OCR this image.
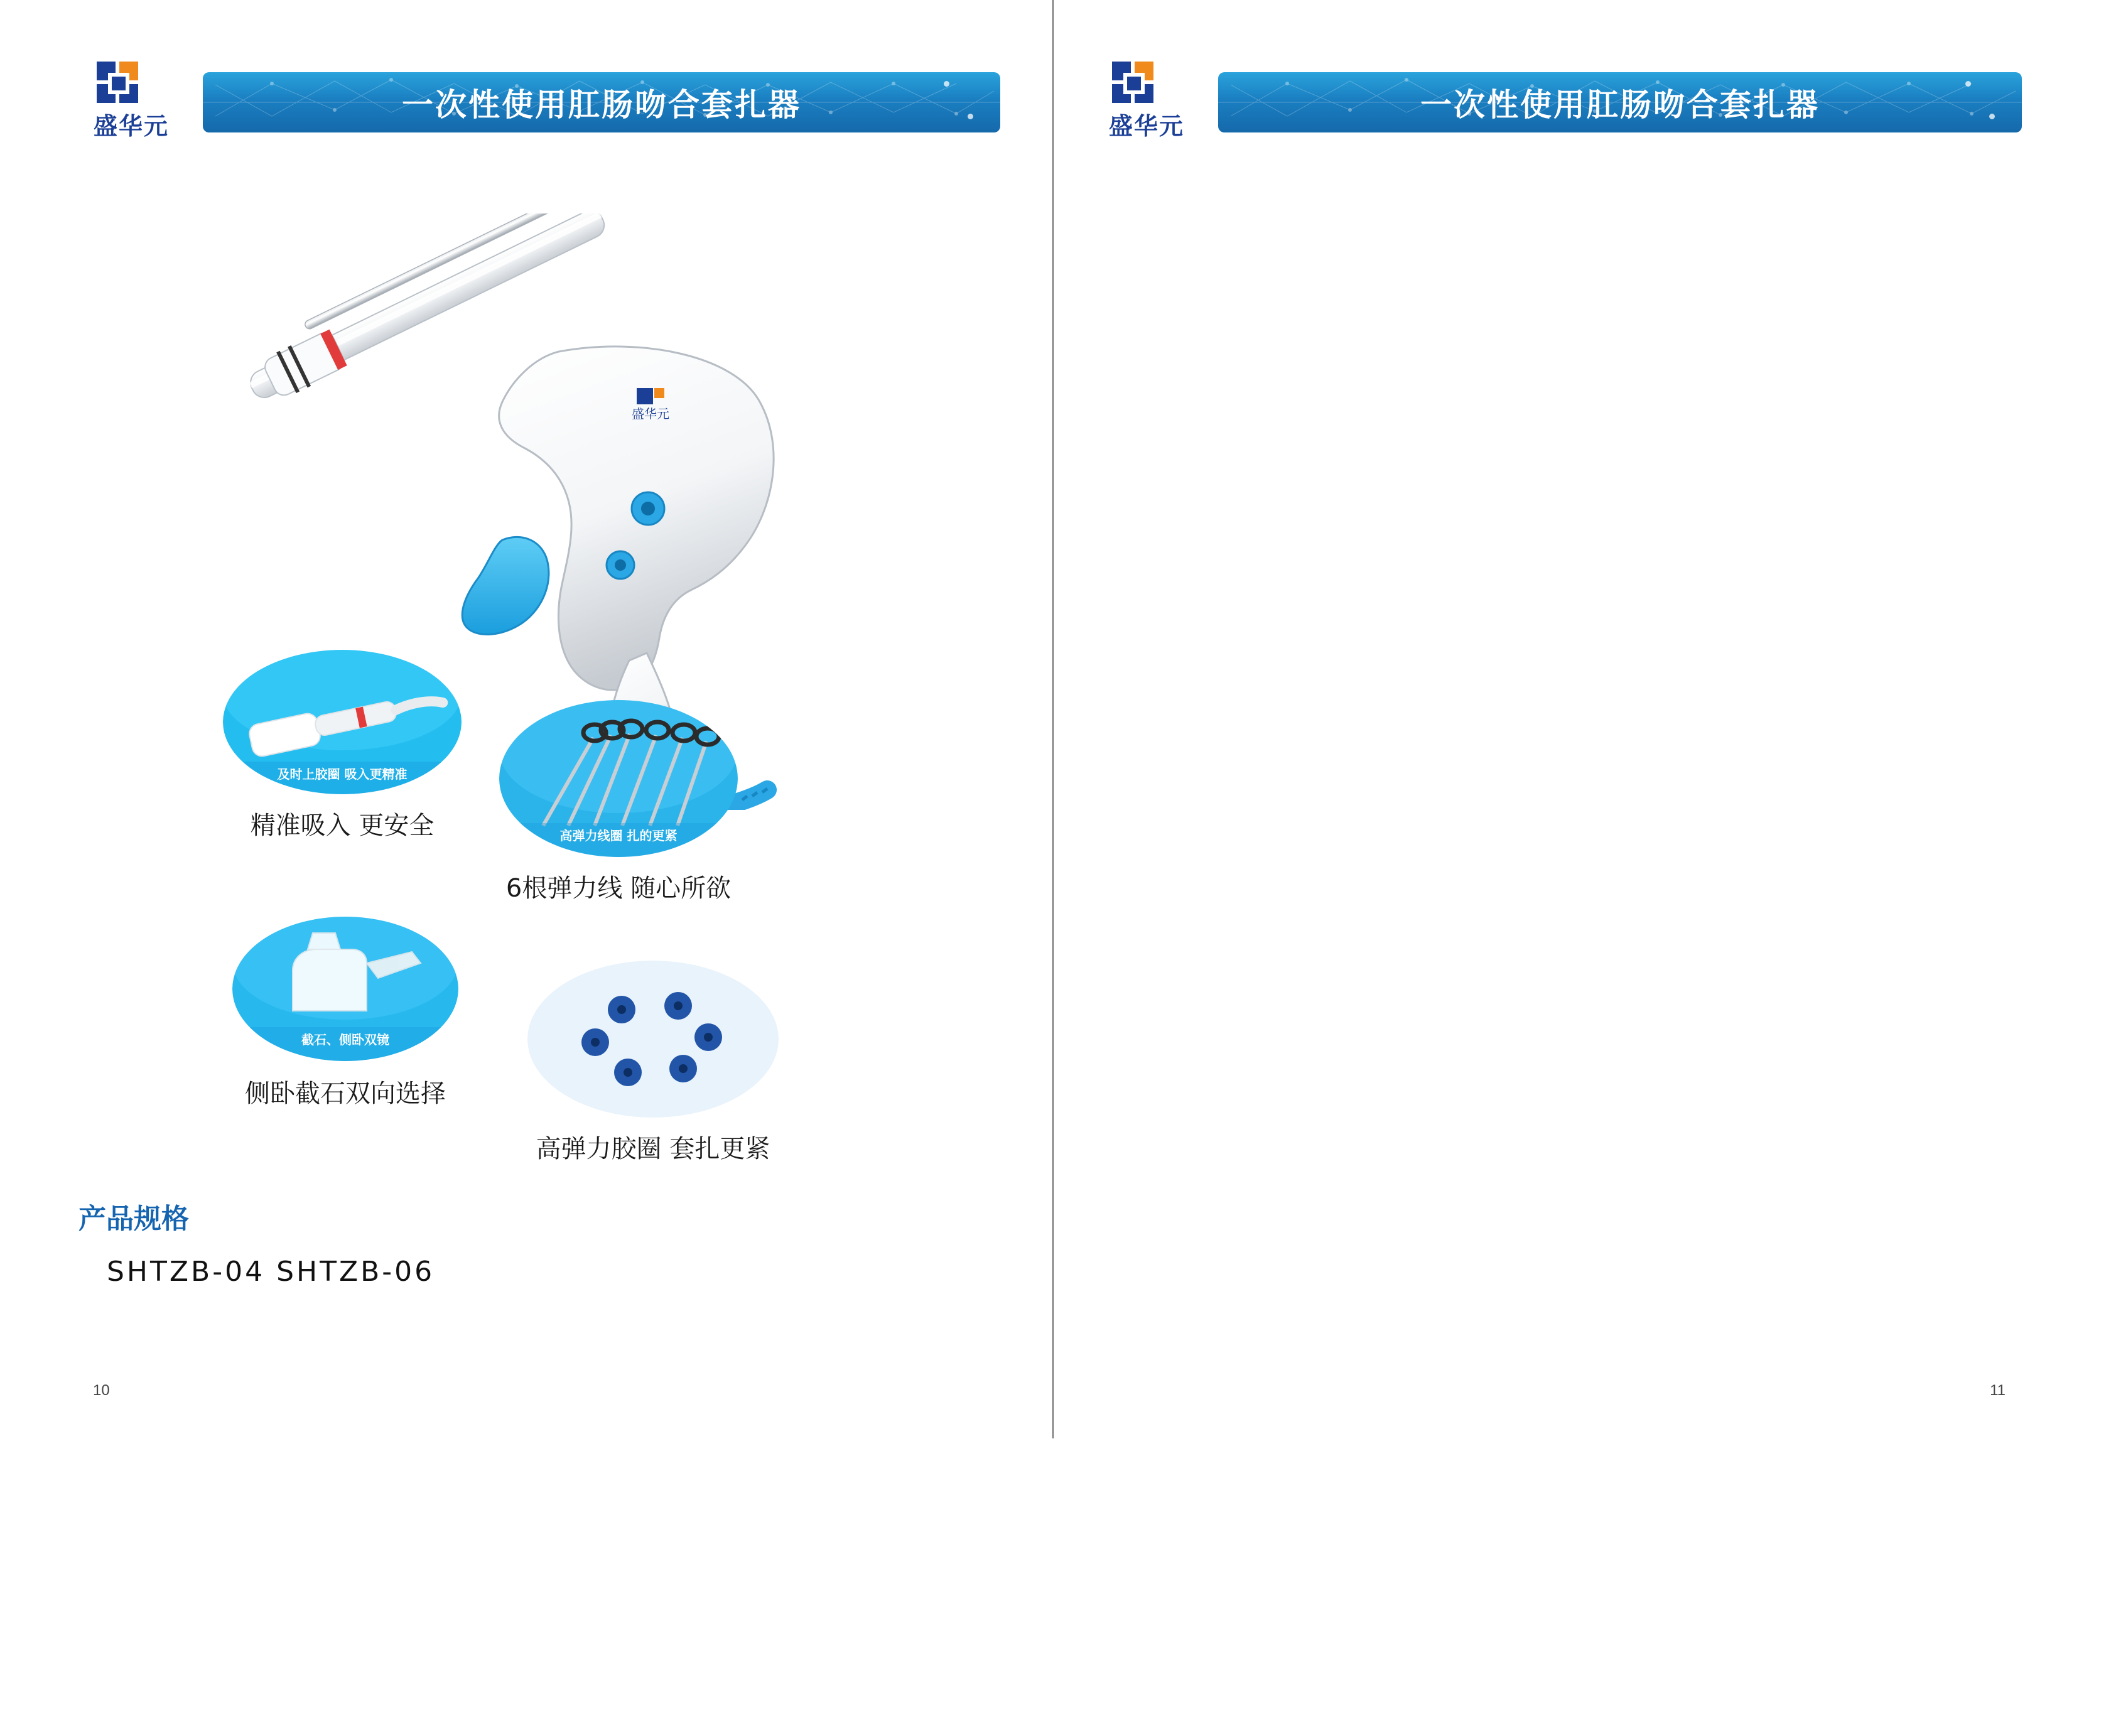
盛华元
一次性使用肛肠吻合套扎器
盛华元
及时上胶圈 吸入更精准
精准吸入 更安全	高弹力线圈 扎的更紧
6根弹力线 随心所欲
截石、侧卧双镜
侧卧截石双向选择
高弹力胶圈 套扎更紧
产品规格
SHTZB-04 SHTZB-06
10
盛华元
一次性使用肛肠吻合套扎器
11
